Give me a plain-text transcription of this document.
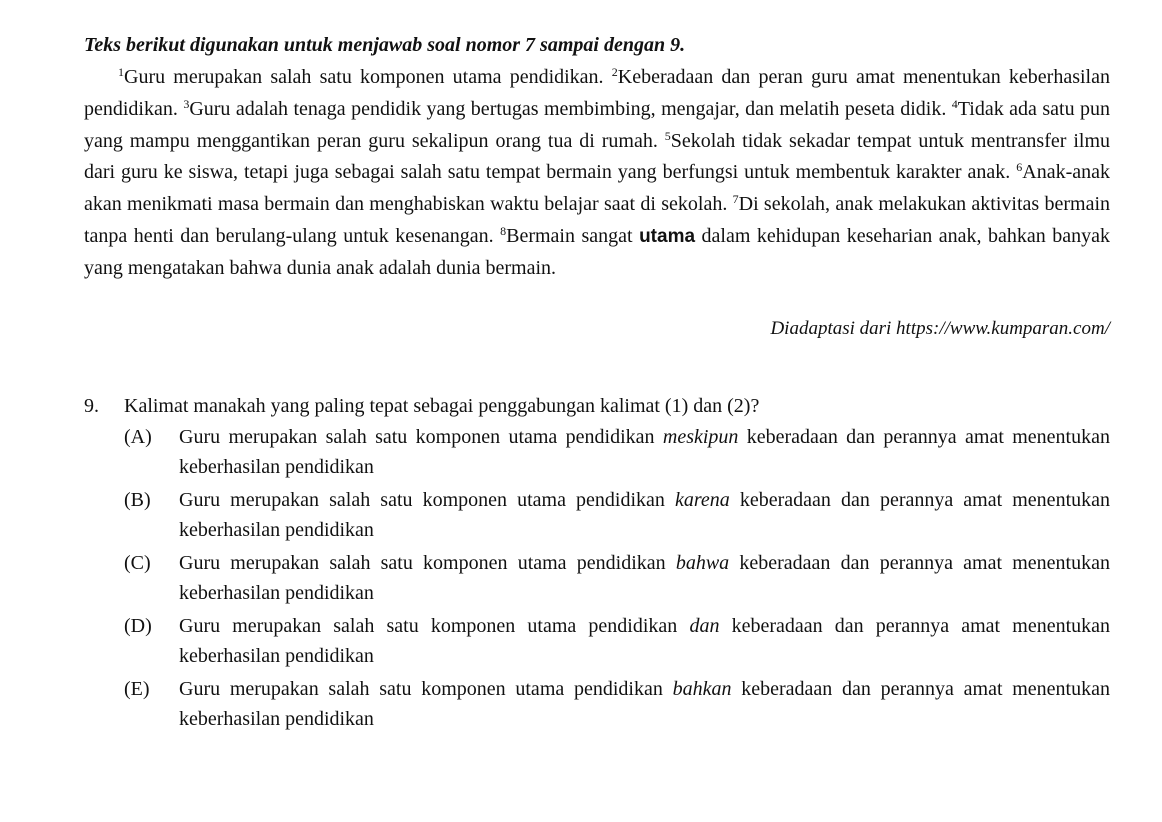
Teks berikut digunakan untuk menjawab soal nomor 7 sampai dengan 9.

$^1$Guru merupakan salah satu komponen utama pendidikan. $^2$Keberadaan dan peran guru amat menentukan keberhasilan pendidikan. $^3$Guru adalah tenaga pendidik yang bertugas membimbing, mengajar, dan melatih peseta didik. $^4$Tidak ada satu pun yang mampu menggantikan peran guru sekalipun orang tua di rumah. $^5$Sekolah tidak sekadar tempat untuk mentransfer ilmu dari guru ke siswa, tetapi juga sebagai salah satu tempat bermain yang berfungsi untuk membentuk karakter anak. $^6$Anak-anak akan menikmati masa bermain dan menghabiskan waktu belajar saat di sekolah. $^7$Di sekolah, anak melakukan aktivitas bermain tanpa henti dan berulang-ulang untuk kesenangan. $^8$Bermain sangat utama dalam kehidupan keseharian anak, bahkan banyak yang mengatakan bahwa dunia anak adalah dunia bermain.

Diadaptasi dari https://www.kumparan.com/

9.	Kalimat manakah yang paling tepat sebagai penggabungan kalimat (1) dan (2)?
(A)	Guru merupakan salah satu komponen utama pendidikan meskipun keberadaan dan perannya amat menentukan keberhasilan pendidikan
(B)	Guru merupakan salah satu komponen utama pendidikan karena keberadaan dan perannya amat menentukan keberhasilan pendidikan
(C)	Guru merupakan salah satu komponen utama pendidikan bahwa keberadaan dan perannya amat menentukan keberhasilan pendidikan
(D)	Guru merupakan salah satu komponen utama pendidikan dan keberadaan dan perannya amat menentukan keberhasilan pendidikan
(E)	Guru merupakan salah satu komponen utama pendidikan bahkan keberadaan dan perannya amat menentukan keberhasilan pendidikan
